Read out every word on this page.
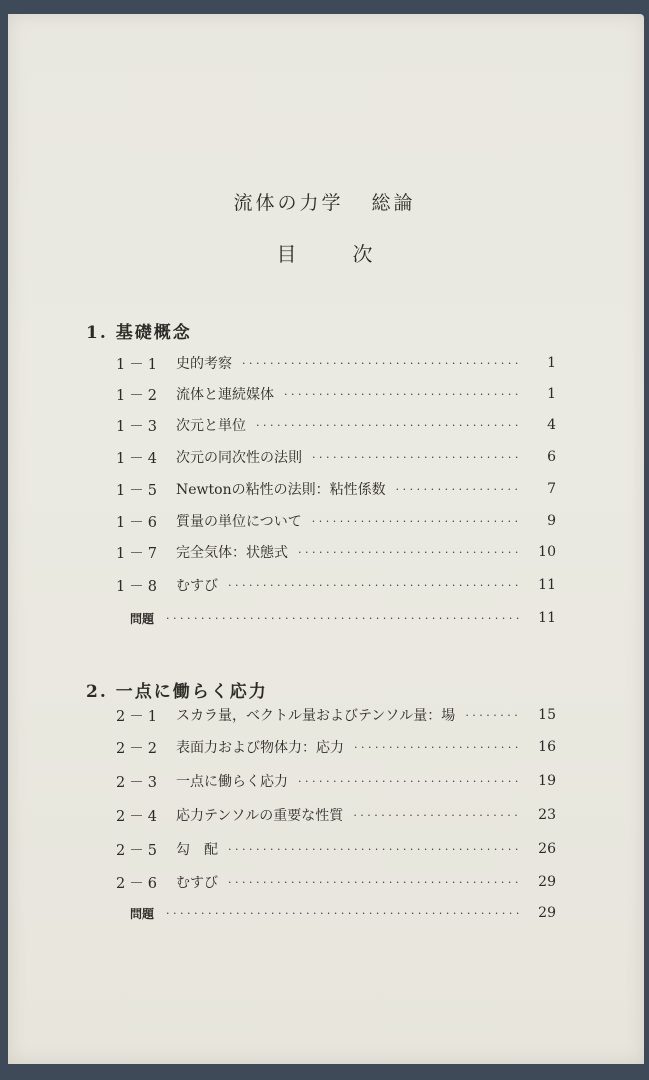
流体の力学 総論
目	次
1. 基礎概念
1－1	史的考察 ·····	1
1－2	流体と連続媒体 ·····	1
1－3	次元と単位 ·····	4
1－4	次元の同次性の法則 ·····	6
1－5	Newtonの粘性の法則：粘性係数 ·····	7
1－6	質量の単位について ·····	9
1－7	完全気体：状態式 ·····	10
1－8	むすび ·····	11
問題 ·····	11
2. 一点に働らく応力
2－1	スカラ量，ベクトル量およびテンソル量：場 ·····	15
2－2	表面力および物体力：応力 ·····	16
2－3	一点に働らく応力 ·····	19
2－4	応力テンソルの重要な性質 ·····	23
2－5	勾　配 ·····	26
2－6	むすび ·····	29
問題 ·····	29
